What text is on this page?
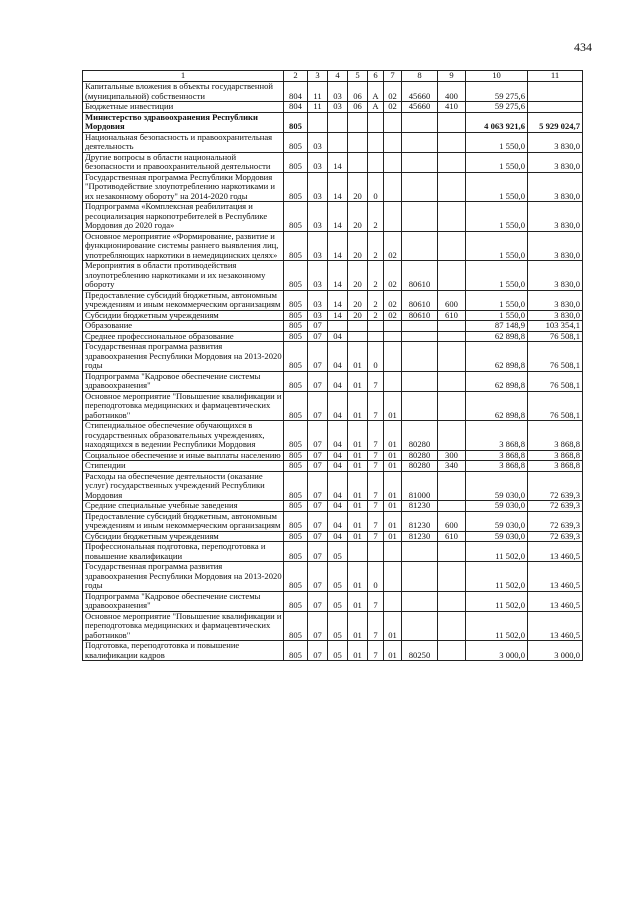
434
1	2	3	4	5	6	7	8	9	10	11
Капитальные вложения в объекты государственной (муниципальной) собственности	804	11	03	06	А	02	45660	400	59 275,6	
Бюджетные инвестиции	804	11	03	06	А	02	45660	410	59 275,6	
Министерство здравоохранения Республики Мордовия	805								4 063 921,6	5 929 024,7
Национальная безопасность и правоохранительная деятельность	805	03							1 550,0	3 830,0
Другие вопросы в области национальной безопасности и правоохранительной деятельности	805	03	14						1 550,0	3 830,0
Государственная программа Республики Мордовия "Противодействие злоупотреблению наркотиками и их незаконному обороту" на 2014-2020 годы	805	03	14	20	0				1 550,0	3 830,0
Подпрограмма «Комплексная реабилитация и ресоциализация наркопотребителей в Республике Мордовия до 2020 года»	805	03	14	20	2				1 550,0	3 830,0
Основное мероприятие «Формирование, развитие и функционирование системы раннего выявления лиц, употребляющих наркотики в немедицинских целях»	805	03	14	20	2	02			1 550,0	3 830,0
Мероприятия в области противодействия злоупотреблению наркотиками и их незаконному обороту	805	03	14	20	2	02	80610		1 550,0	3 830,0
Предоставление субсидий бюджетным, автономным учреждениям и иным некоммерческим организациям	805	03	14	20	2	02	80610	600	1 550,0	3 830,0
Субсидии бюджетным учреждениям	805	03	14	20	2	02	80610	610	1 550,0	3 830,0
Образование	805	07							87 148,9	103 354,1
Среднее профессиональное образование	805	07	04						62 898,8	76 508,1
Государственная программа развития здравоохранения Республики Мордовия на 2013-2020 годы	805	07	04	01	0				62 898,8	76 508,1
Подпрограмма "Кадровое обеспечение системы здравоохранения"	805	07	04	01	7				62 898,8	76 508,1
Основное мероприятие "Повышение квалификации и переподготовка медицинских и фармацевтических работников"	805	07	04	01	7	01			62 898,8	76 508,1
Стипендиальное обеспечение обучающихся в государственных образовательных учреждениях, находящихся в ведении Республики Мордовия	805	07	04	01	7	01	80280		3 868,8	3 868,8
Социальное обеспечение и иные выплаты населению	805	07	04	01	7	01	80280	300	3 868,8	3 868,8
Стипендии	805	07	04	01	7	01	80280	340	3 868,8	3 868,8
Расходы на обеспечение деятельности (оказание услуг) государственных учреждений Республики Мордовия	805	07	04	01	7	01	81000		59 030,0	72 639,3
Средние специальные учебные заведения	805	07	04	01	7	01	81230		59 030,0	72 639,3
Предоставление субсидий бюджетным, автономным учреждениям и иным некоммерческим организациям	805	07	04	01	7	01	81230	600	59 030,0	72 639,3
Субсидии бюджетным учреждениям	805	07	04	01	7	01	81230	610	59 030,0	72 639,3
Профессиональная подготовка, переподготовка и повышение квалификации	805	07	05						11 502,0	13 460,5
Государственная программа развития здравоохранения Республики Мордовия на 2013-2020 годы	805	07	05	01	0				11 502,0	13 460,5
Подпрограмма "Кадровое обеспечение системы здравоохранения"	805	07	05	01	7				11 502,0	13 460,5
Основное мероприятие "Повышение квалификации и переподготовка медицинских и фармацевтических работников"	805	07	05	01	7	01			11 502,0	13 460,5
Подготовка, переподготовка и повышение квалификации кадров	805	07	05	01	7	01	80250		3 000,0	3 000,0
